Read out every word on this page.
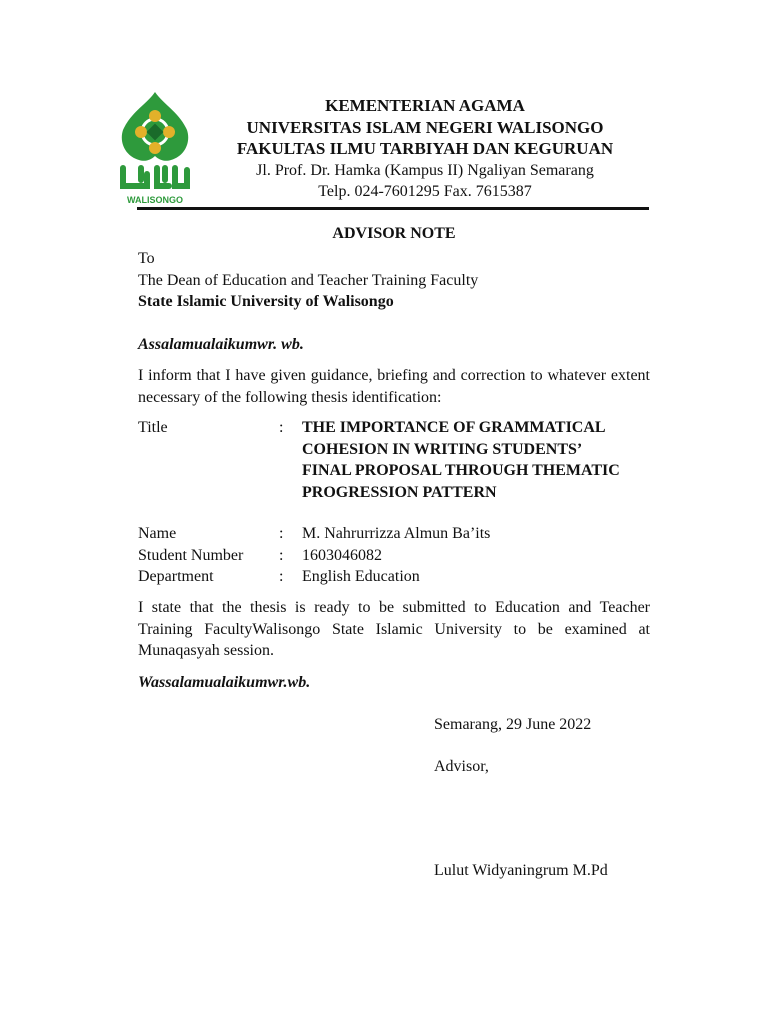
WALISONGO
KEMENTERIAN AGAMA
UNIVERSITAS ISLAM NEGERI WALISONGO
FAKULTAS ILMU TARBIYAH DAN KEGURUAN
Jl. Prof. Dr. Hamka (Kampus II) Ngaliyan Semarang
Telp. 024-7601295 Fax. 7615387
ADVISOR NOTE
To
The Dean of Education and Teacher Training Faculty
State Islamic University of Walisongo
Assalamualaikumwr. wb.
I inform that I have given guidance, briefing and correction to whatever extent necessary of the following thesis identification:
Title	:	THE IMPORTANCE OF GRAMMATICAL COHESION IN WRITING STUDENTS’ FINAL PROPOSAL THROUGH THEMATIC PROGRESSION PATTERN
Name	:	M. Nahrurrizza Almun Ba’its
Student Number	:	1603046082
Department	:	English Education
I state that the thesis is ready to be submitted to Education and Teacher Training FacultyWalisongo State Islamic University to be examined at Munaqasyah session.
Wassalamualaikumwr.wb.
Semarang, 29 June 2022
Advisor,
Lulut Widyaningrum M.Pd
